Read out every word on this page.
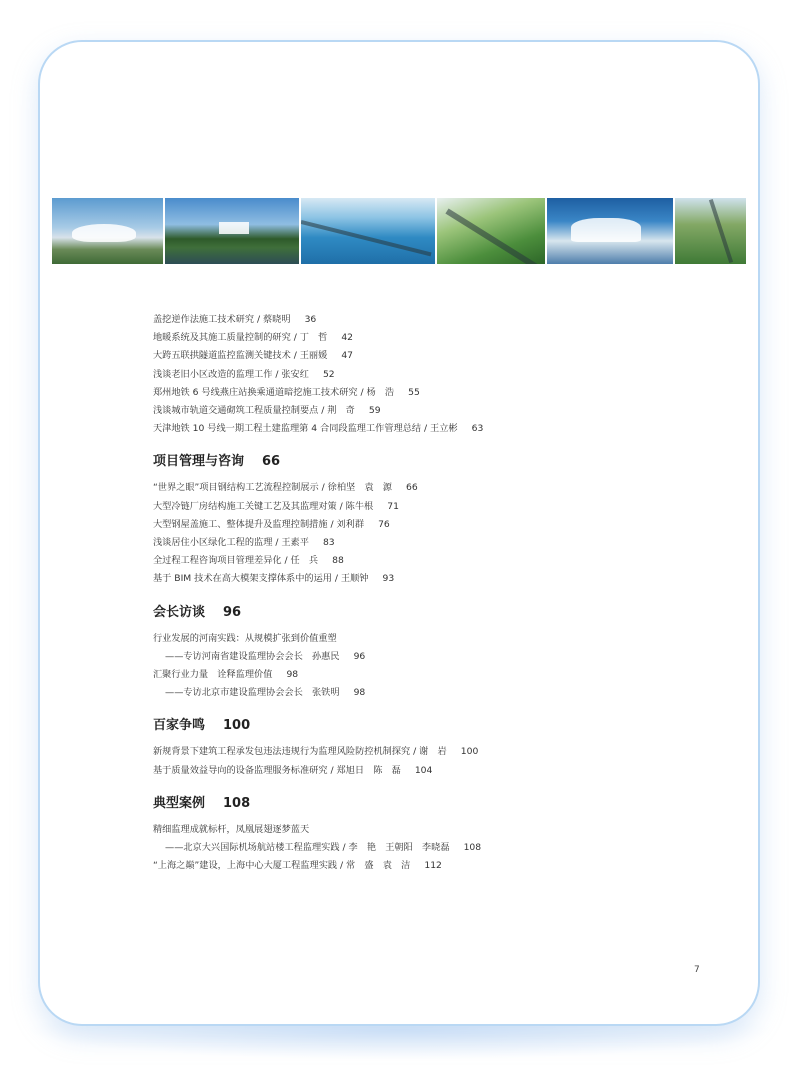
盖挖逆作法施工技术研究 / 蔡晓明 36
地暖系统及其施工质量控制的研究 / 丁　哲 42
大跨五联拱隧道监控监测关键技术 / 王丽媛 47
浅谈老旧小区改造的监理工作 / 张安红 52
郑州地铁 6 号线燕庄站换乘通道暗挖施工技术研究 / 杨　浩 55
浅谈城市轨道交通砌筑工程质量控制要点 / 荆　奇 59
天津地铁 10 号线一期工程土建监理第 4 合同段监理工作管理总结 / 王立彬 63
项目管理与咨询 66
“世界之眼”项目钢结构工艺流程控制展示 / 徐柏坚　袁　源 66
大型冷链厂房结构施工关键工艺及其监理对策 / 陈牛根 71
大型钢屋盖施工、整体提升及监理控制措施 / 刘利群 76
浅谈居住小区绿化工程的监理 / 王素平 83
全过程工程咨询项目管理差异化 / 任　兵 88
基于 BIM 技术在高大模架支撑体系中的运用 / 王顺钟 93
会长访谈 96
行业发展的河南实践：从规模扩张到价值重塑
——专访河南省建设监理协会会长　孙惠民 96
汇聚行业力量　诠释监理价值 98
——专访北京市建设监理协会会长　张铁明 98
百家争鸣 100
新规背景下建筑工程承发包违法违规行为监理风险防控机制探究 / 谢　岩 100
基于质量效益导向的设备监理服务标准研究 / 郑旭日　陈　磊 104
典型案例 108
精细监理成就标杆，凤凰展翅逐梦蓝天
——北京大兴国际机场航站楼工程监理实践 / 李　艳　王朝阳　李晓磊 108
“上海之巅”建设，上海中心大厦工程监理实践 / 常　盛　袁　洁 112
7
